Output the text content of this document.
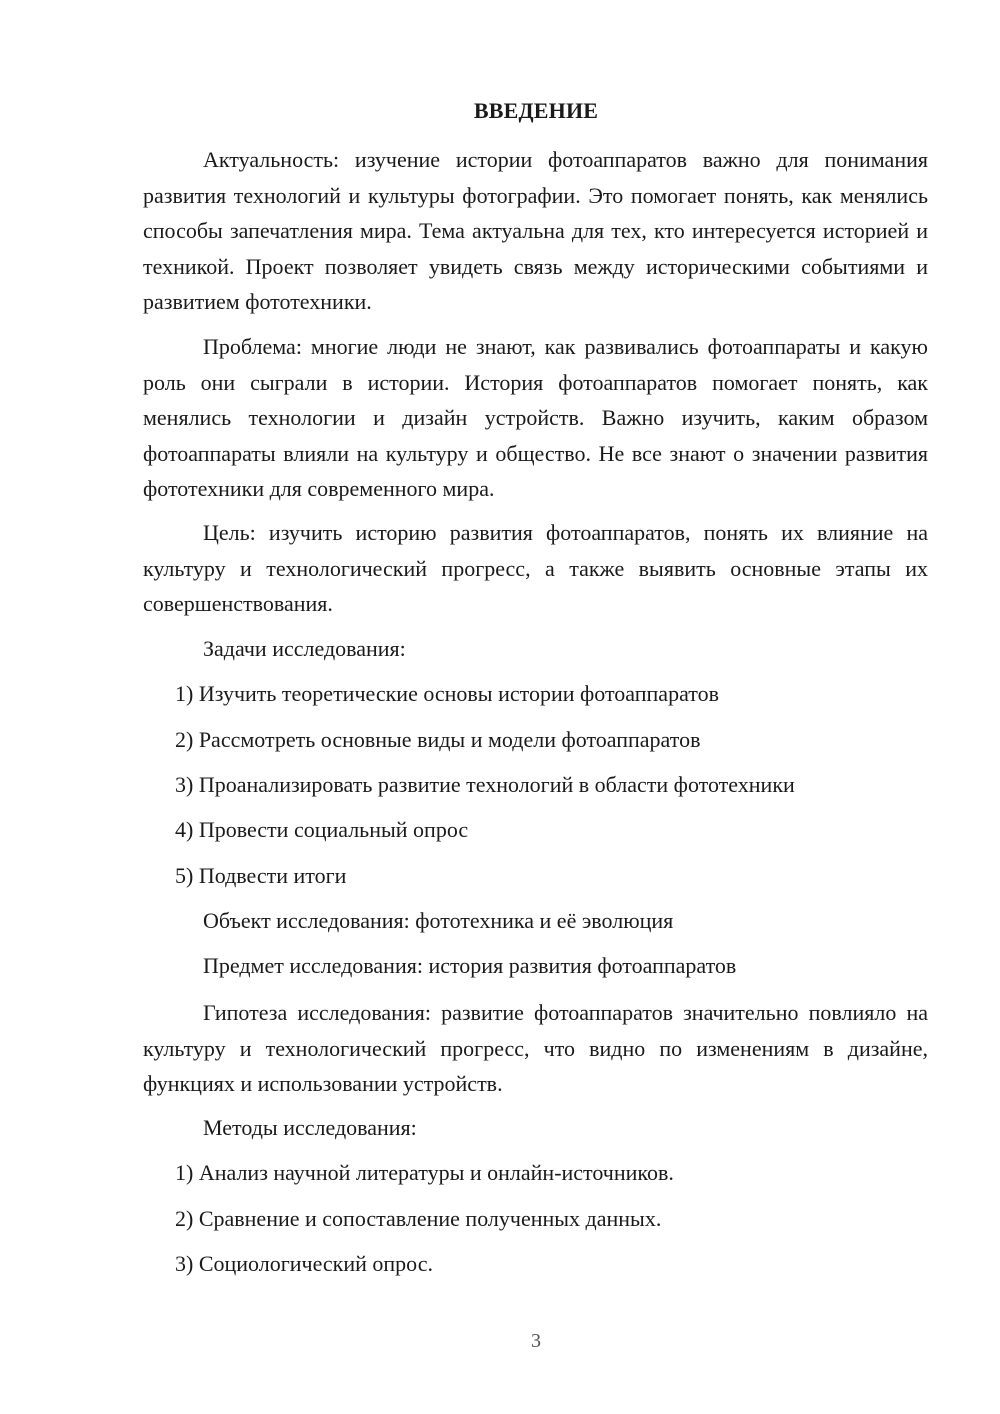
ВВЕДЕНИЕ

Актуальность: изучение истории фотоаппаратов важно для понимания развития технологий и культуры фотографии. Это помогает понять, как менялись способы запечатления мира. Тема актуальна для тех, кто интересуется историей и техникой. Проект позволяет увидеть связь между историческими событиями и развитием фототехники.

Проблема: многие люди не знают, как развивались фотоаппараты и какую роль они сыграли в истории. История фотоаппаратов помогает понять, как менялись технологии и дизайн устройств. Важно изучить, каким образом фотоаппараты влияли на культуру и общество. Не все знают о значении развития фототехники для современного мира.

Цель: изучить историю развития фотоаппаратов, понять их влияние на культуру и технологический прогресс, а также выявить основные этапы их совершенствования.

Задачи исследования:

1) Изучить теоретические основы истории фотоаппаратов

2) Рассмотреть основные виды и модели фотоаппаратов

3) Проанализировать развитие технологий в области фототехники

4) Провести социальный опрос

5) Подвести итоги

Объект исследования: фототехника и её эволюция

Предмет исследования: история развития фотоаппаратов

Гипотеза исследования: развитие фотоаппаратов значительно повлияло на культуру и технологический прогресс, что видно по изменениям в дизайне, функциях и использовании устройств.

Методы исследования:

1) Анализ научной литературы и онлайн-источников.

2) Сравнение и сопоставление полученных данных.

3) Социологический опрос.

3
